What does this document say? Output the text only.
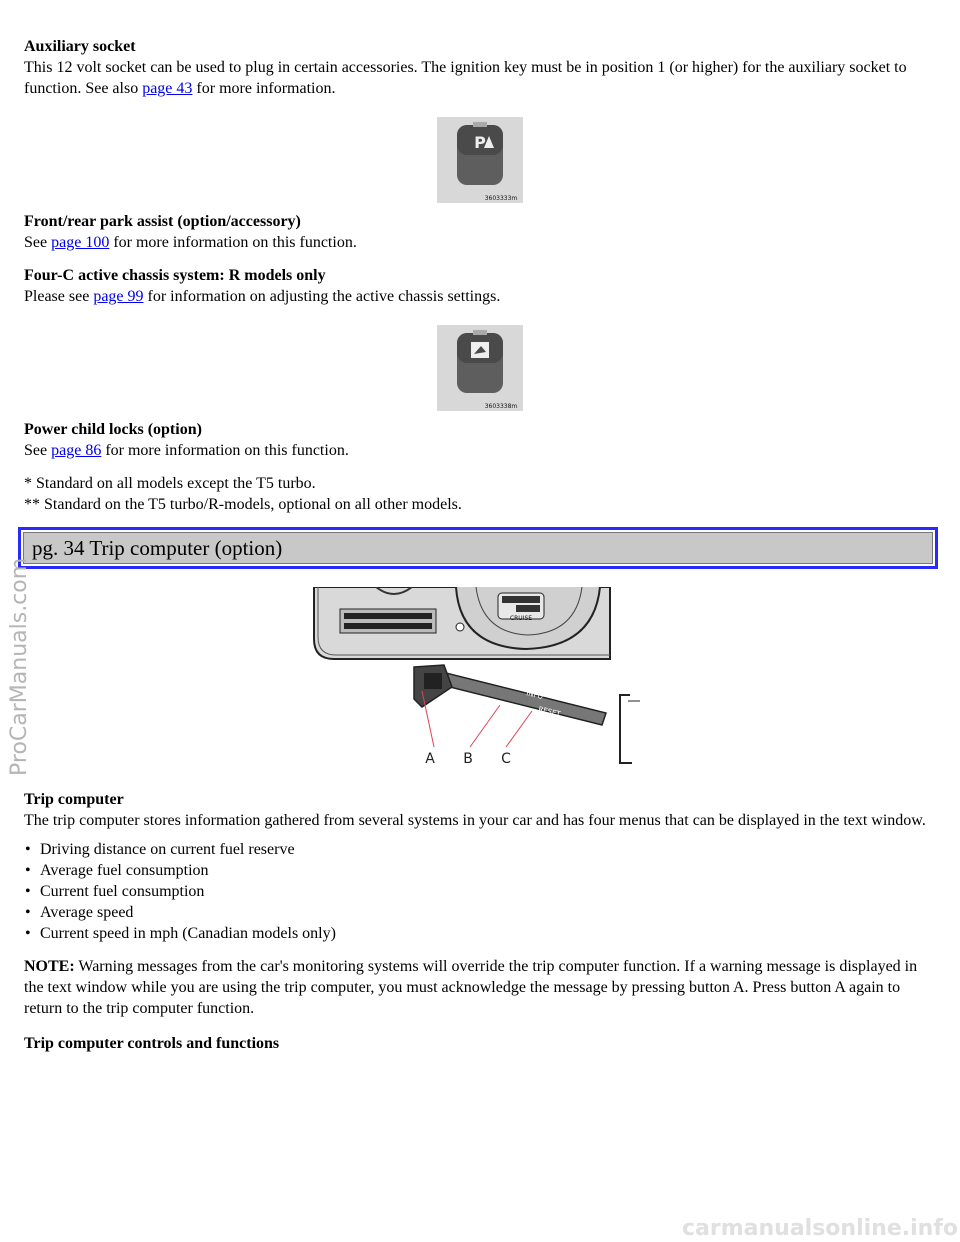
Auxiliary socket

This 12 volt socket can be used to plug in certain accessories. The ignition key must be in position 1 (or higher) for the auxiliary socket to function. See also page 43 for more information.

P
3603333m
Front/rear park assist (option/accessory)

See page 100 for more information on this function.

Four-C active chassis system: R models only

Please see page 99 for information on adjusting the active chassis settings.

3603338m
Power child locks (option)

See page 86 for more information on this function.

* Standard on all models except the T5 turbo.

** Standard on the T5 turbo/R-models, optional on all other models.

pg. 34 Trip computer (option)
CRUISE
INFO
RESET
A B C
Trip computer

The trip computer stores information gathered from several systems in your car and has four menus that can be displayed in the text window.

• Driving distance on current fuel reserve
• Average fuel consumption
• Current fuel consumption
• Average speed
• Current speed in mph (Canadian models only)

NOTE: Warning messages from the car's monitoring systems will override the trip computer function. If a warning message is displayed in the text window while you are using the trip computer, you must acknowledge the message by pressing button A. Press button A again to return to the trip computer function.

Trip computer controls and functions
ProCarManuals.com
carmanualsonline.info
